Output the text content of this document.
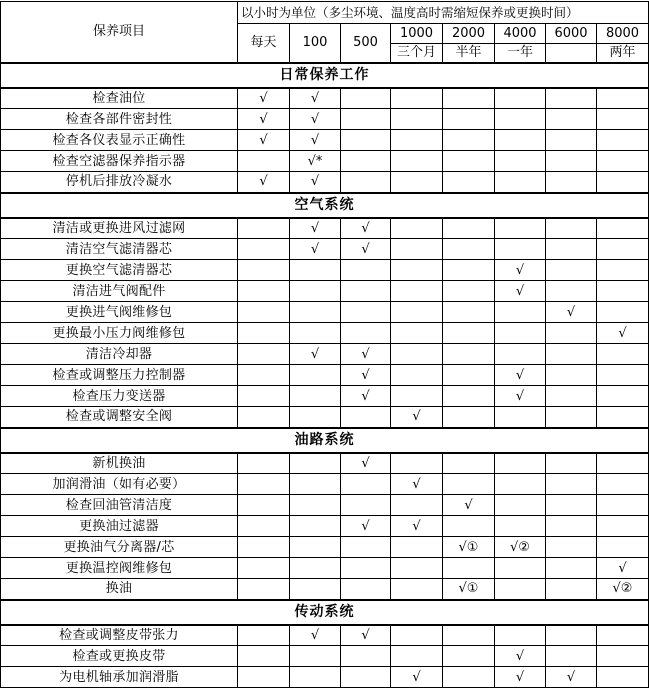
保养项目	以小时为单位（多尘环境、温度高时需缩短保养或更换时间）							
	每天	100	500	1000	2000	4000	6000	8000
				三个月	半年	一年		两年
日常保养工作								
检查油位	√	√						
检查各部件密封性	√	√						
检查各仪表显示正确性	√	√						
检查空滤器保养指示器		√*						
停机后排放冷凝水	√	√						
空气系统								
清洁或更换进风过滤网		√	√					
清洁空气滤清器芯		√	√					
更换空气滤清器芯						√		
清洁进气阀配件						√		
更换进气阀维修包							√	
更换最小压力阀维修包								√
清洁冷却器		√	√					
检查或调整压力控制器			√			√		
检查压力变送器			√			√		
检查或调整安全阀				√				
油路系统								
新机换油			√					
加润滑油（如有必要）				√				
检查回油管清洁度					√			
更换油过滤器			√	√				
更换油气分离器/芯					√①	√②		
更换温控阀维修包								√
换油					√①			√②
传动系统								
检查或调整皮带张力		√	√					
检查或更换皮带						√		
为电机轴承加润滑脂				√		√	√	
